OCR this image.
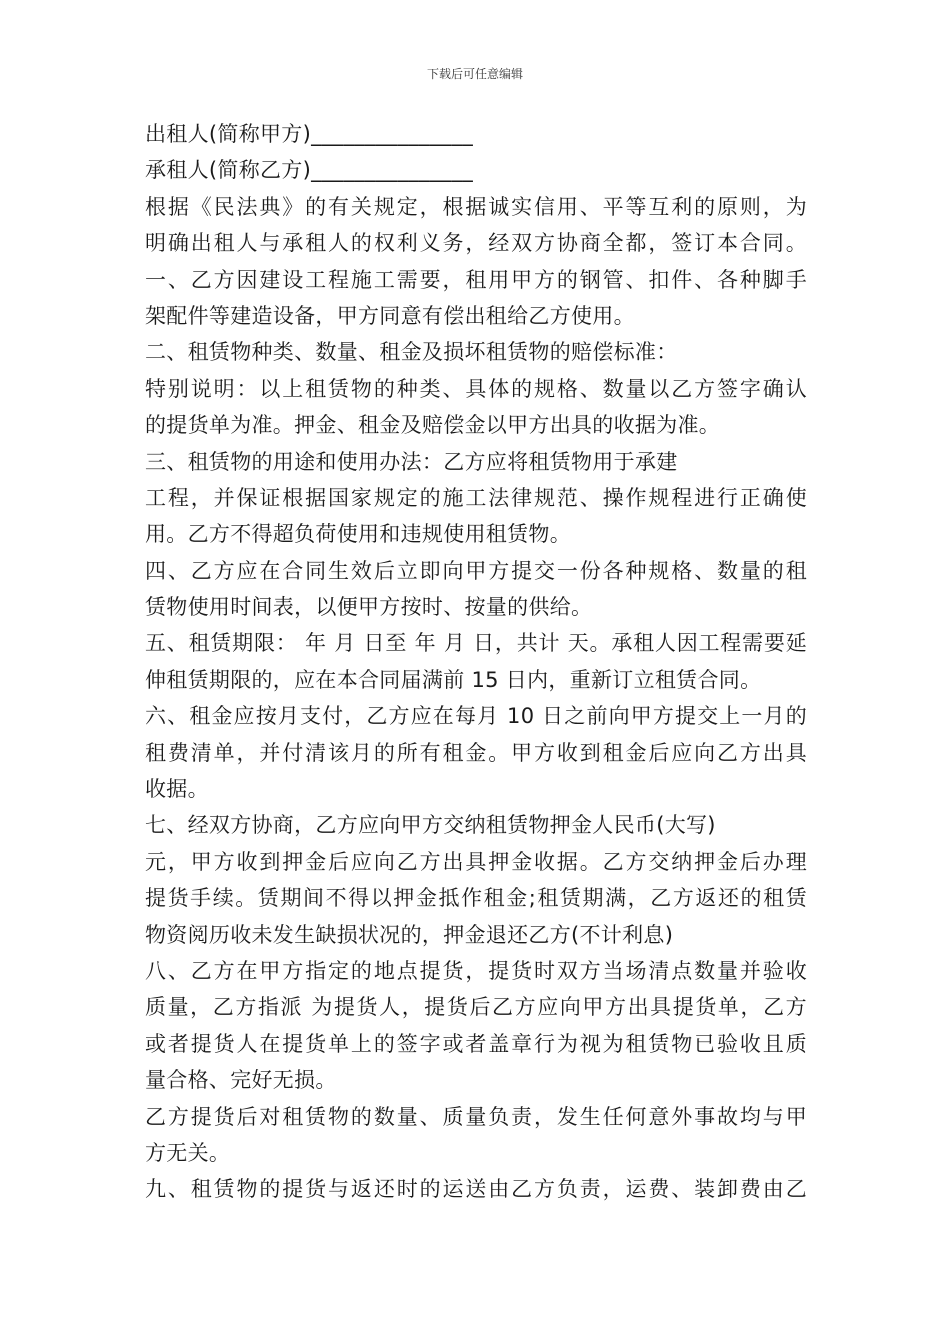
下载后可任意编辑
出租人(简称甲方)_______________
承租人(简称乙方)_______________
根据《民法典》的有关规定，根据诚实信用、平等互利的原则，为
明确出租人与承租人的权利义务，经双方协商全都，签订本合同。
一、乙方因建设工程施工需要，租用甲方的钢管、扣件、各种脚手
架配件等建造设备，甲方同意有偿出租给乙方使用。
二、租赁物种类、数量、租金及损坏租赁物的赔偿标准：
特别说明：以上租赁物的种类、具体的规格、数量以乙方签字确认
的提货单为准。押金、租金及赔偿金以甲方出具的收据为准。
三、租赁物的用途和使用办法：乙方应将租赁物用于承建
工程，并保证根据国家规定的施工法律规范、操作规程进行正确使
用。乙方不得超负荷使用和违规使用租赁物。
四、乙方应在合同生效后立即向甲方提交一份各种规格、数量的租
赁物使用时间表，以便甲方按时、按量的供给。
五、租赁期限： 年 月 日至 年 月 日，共计 天。承租人因工程需要延
伸租赁期限的，应在本合同届满前 15 日内，重新订立租赁合同。
六、租金应按月支付，乙方应在每月 10 日之前向甲方提交上一月的
租费清单，并付清该月的所有租金。甲方收到租金后应向乙方出具
收据。
七、经双方协商，乙方应向甲方交纳租赁物押金人民币(大写)
元，甲方收到押金后应向乙方出具押金收据。乙方交纳押金后办理
提货手续。赁期间不得以押金抵作租金;租赁期满，乙方返还的租赁
物资阅历收未发生缺损状况的，押金退还乙方(不计利息)
八、乙方在甲方指定的地点提货，提货时双方当场清点数量并验收
质量，乙方指派 为提货人，提货后乙方应向甲方出具提货单，乙方
或者提货人在提货单上的签字或者盖章行为视为租赁物已验收且质
量合格、完好无损。
乙方提货后对租赁物的数量、质量负责，发生任何意外事故均与甲
方无关。
九、租赁物的提货与返还时的运送由乙方负责，运费、装卸费由乙
